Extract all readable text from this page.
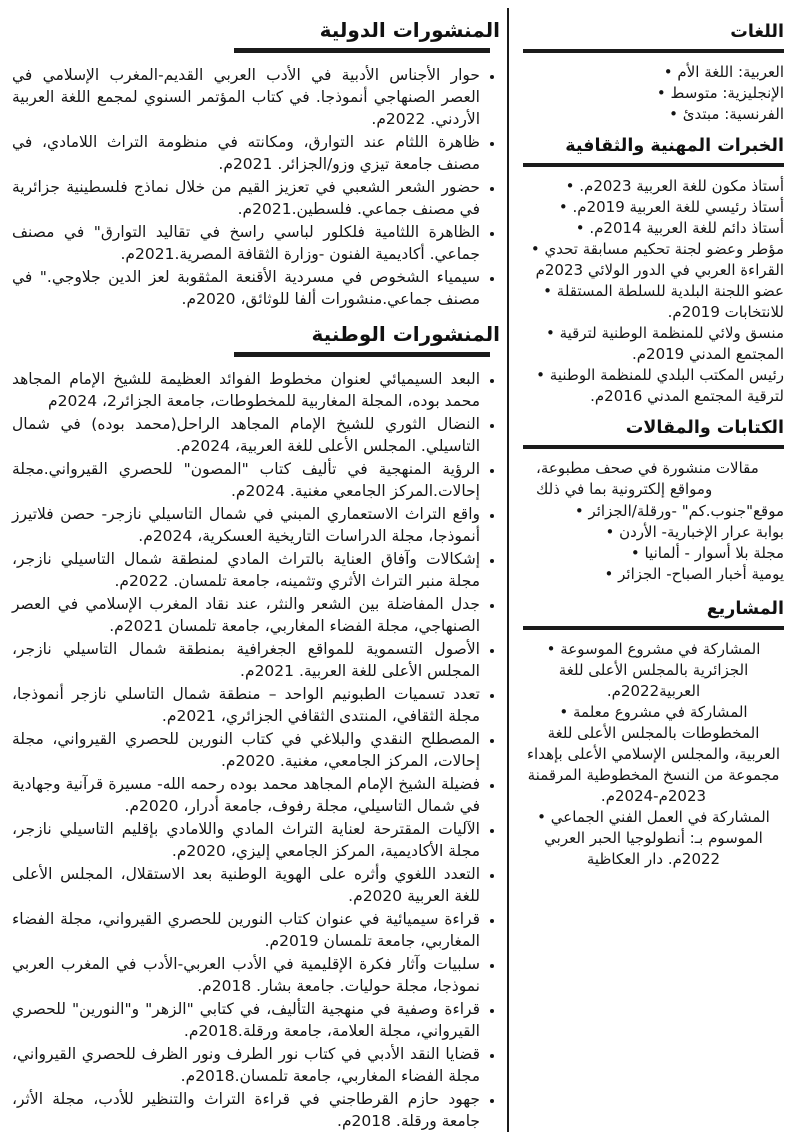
المنشورات الدولية
• حوار الأجناس الأدبية في الأدب العربي القديم-المغرب الإسلامي في العصر الصنهاجي أنموذجا. في كتاب المؤتمر السنوي لمجمع اللغة العربية الأردني. 2022م.
• ظاهرة اللثام عند التوارق، ومكانته في منظومة التراث اللامادي، في مصنف جامعة تيزي وزو/الجزائر. 2021م.
• حضور الشعر الشعبي في تعزيز القيم من خلال نماذج فلسطينية جزائرية في مصنف جماعي. فلسطين.2021م.
• الظاهرة اللثامية فلكلور لباسي راسخ في تقاليد التوارق" في مصنف جماعي. أكاديمية الفنون -وزارة الثقافة المصرية.2021م.
• سيمياء الشخوص في مسردية الأقنعة المثقوبة لعز الدين جلاوجي." في مصنف جماعي.منشورات ألفا للوثائق، 2020م.
المنشورات الوطنية
• البعد السيميائي لعنوان مخطوط الفوائد العظيمة للشيخ الإمام المجاهد محمد بوده، المجلة المغاربية للمخطوطات، جامعة الجزائر2، 2024م
• النضال الثوري للشيخ الإمام المجاهد الراحل(محمد بوده) في شمال التاسيلي. المجلس الأعلى للغة العربية، 2024م.
• الرؤية المنهجية في تأليف كتاب "المصون" للحصري القيرواني.مجلة إحالات.المركز الجامعي مغنية. 2024م.
• واقع التراث الاستعماري المبني في شمال التاسيلي نازجر- حصن فلاتيرز أنموذجا، مجلة الدراسات التاريخية العسكرية، 2024م.
• إشكالات وآفاق العناية بالتراث المادي لمنطقة شمال التاسيلي نازجر، مجلة منبر التراث الأثري وتثمينه، جامعة تلمسان. 2022م.
• جدل المفاضلة بين الشعر والنثر، عند نقاد المغرب الإسلامي في العصر الصنهاجي، مجلة الفضاء المغاربي، جامعة تلمسان 2021م.
• الأصول التسموية للمواقع الجغرافية بمنطقة شمال التاسيلي نازجر، المجلس الأعلى للغة العربية. 2021م.
• تعدد تسميات الطبونيم الواحد – منطقة شمال التاسلي نازجر أنموذجا، مجلة الثقافي، المنتدى الثقافي الجزائري، 2021م.
• المصطلح النقدي والبلاغي في كتاب النورين للحصري القيرواني، مجلة إحالات، المركز الجامعي، مغنية. 2020م.
• فضيلة الشيخ الإمام المجاهد محمد بوده رحمه الله- مسيرة قرآنية وجهادية في شمال التاسيلي، مجلة رفوف، جامعة أدرار، 2020م.
• الآليات المقترحة لعناية التراث المادي واللامادي بإقليم التاسيلي نازجر، مجلة الأكاديمية، المركز الجامعي إليزي، 2020م.
• التعدد اللغوي وأثره على الهوية الوطنية بعد الاستقلال، المجلس الأعلى للغة العربية 2020م.
• قراءة سيميائية في عنوان كتاب النورين للحصري القيرواني، مجلة الفضاء المغاربي، جامعة تلمسان 2019م.
• سلبيات وآثار فكرة الإقليمية في الأدب العربي-الأدب في المغرب العربي نموذجا، مجلة حوليات. جامعة بشار. 2018م.
• قراءة وصفية في منهجية التأليف، في كتابي "الزهر" و"النورين" للحصري القيرواني، مجلة العلامة، جامعة ورقلة.2018م.
• قضايا النقد الأدبي في كتاب نور الطرف ونور الظرف للحصري القيرواني، مجلة الفضاء المغاربي، جامعة تلمسان.2018م.
• جهود حازم القرطاجني في قراءة التراث والتنظير للأدب، مجلة الأثر، جامعة ورقلة. 2018م.
اللغات
• العربية: اللغة الأم
• الإنجليزية: متوسط
• الفرنسية: مبتدئ
الخبرات المهنية والثقافية
• أستاذ مكون للغة العربية 2023م.
• أستاذ رئيسي للغة العربية 2019م.
• أستاذ دائم للغة العربية 2014م.
• مؤطر وعضو لجنة تحكيم مسابقة تحدي القراءة العربي في الدور الولائي 2023م
• عضو اللجنة البلدية للسلطة المستقلة للانتخابات 2019م.
• منسق ولائي للمنظمة الوطنية لترقية المجتمع المدني 2019م.
• رئيس المكتب البلدي للمنظمة الوطنية لترقية المجتمع المدني 2016م.
الكتابات والمقالات

مقالات منشورة في صحف مطبوعة، ومواقع إلكترونية بما في ذلك

• موقع"جنوب.كم" -ورقلة/الجزائر
• بوابة عرار الإخبارية- الأردن
• مجلة بلا أسوار - ألمانيا
• يومية أخبار الصباح- الجزائر
المشاريع
• المشاركة في مشروع الموسوعة الجزائرية بالمجلس الأعلى للغة العربية2022م.
• المشاركة في مشروع معلمة المخطوطات بالمجلس الأعلى للغة العربية، والمجلس الإسلامي الأعلى بإهداء مجموعة من النسخ المخطوطية المرقمنة 2023م-2024م.
• المشاركة في العمل الفني الجماعي الموسوم بـ: أنطولوجيا الحبر العربي 2022م. دار العكاظية
